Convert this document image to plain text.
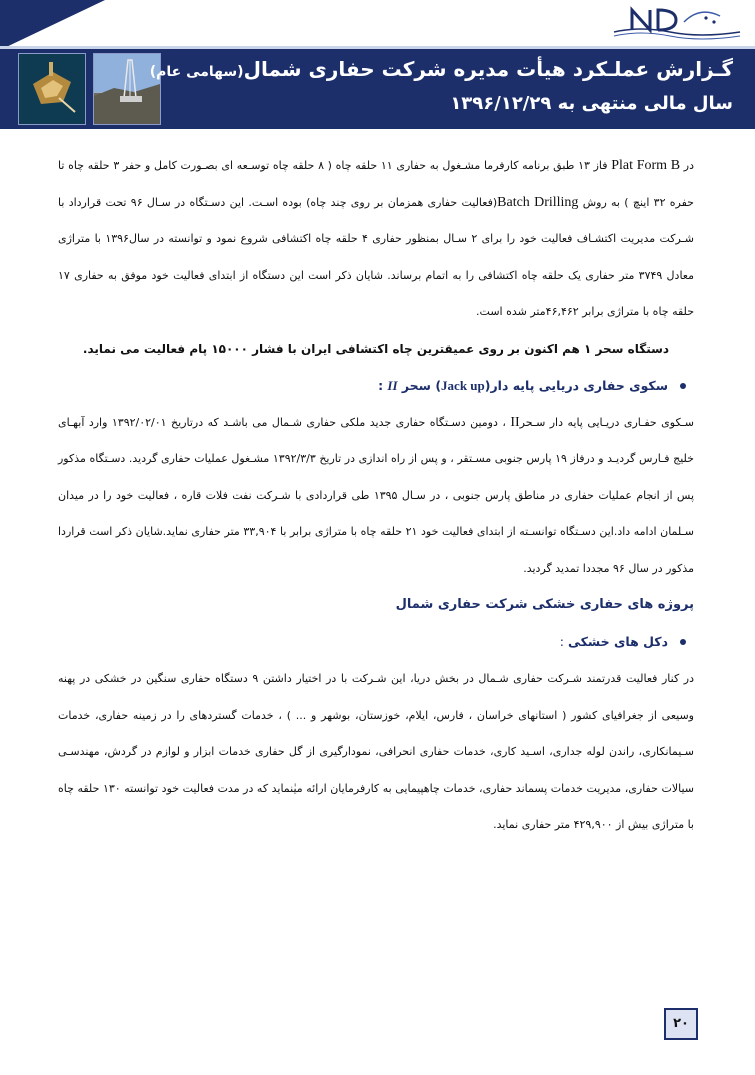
گـزارش عملـکرد هیأت مدیره شرکت حفاری شمال(سهامی عام)
سال مالی منتهی به ۱۳۹۶/۱۲/۲۹

در Plat Form B فاز ۱۳ طبق برنامه کارفرما مشـغول به حفاری ۱۱ حلقه چاه ( ۸ حلقه چاه توسـعه ای بصـورت کامل و حفر ۳ حلقه چاه تا حفره ۳۲ اینچ ) به روش Batch Drilling(فعالیت حفاری همزمان بر روی چند چاه) بوده اسـت. این دسـتگاه در سـال ۹۶ تحت قرارداد با شـرکت مدیریت اکتشـاف فعالیت خود را برای ۲ سـال بمنظور حفاری ۴ حلقه چاه اکتشافی شروع نمود و توانسته در سال۱۳۹۶ با متراژی معادل ۳۷۴۹ متر حفاری یک حلقه چاه اکتشافی را به اتمام برساند. شایان ذکر است این دستگاه از ابتدای فعالیت خود موفق به حفاری ۱۷ حلقه چاه با متراژی برابر ۴۶,۴۶۲متر شده است.

دستگاه سحر ۱ هم اکنون بر روی عمیقترین چاه اکتشافی ایران با فشار ۱۵۰۰۰ پام فعالیت می نماید.

سکوی حفاری دریایی پایه دار(Jack up) سحر II :

سـکوی حفـاری دریـایی پایه دار سـحرII ، دومین دسـتگاه حفاری جدید ملکی حفاری شـمال می باشـد که درتاریخ ۱۳۹۲/۰۲/۰۱ وارد آبهـای خلیج فـارس گردیـد و درفاز ۱۹ پارس جنوبی مسـتقر ، و پس از راه اندازی در تاریخ ۱۳۹۲/۳/۳ مشـغول عملیات حفاری گردید. دسـتگاه مذکور پس از انجام عملیات حفاری در مناطق پارس جنوبی ، در سـال ۱۳۹۵ طی قراردادی با شـرکت نفت فلات قاره ، فعالیت خود را در میدان سـلمان ادامه داد.این دسـتگاه توانسـته از ابتدای فعالیت خود ۲۱ حلقه چاه با متراژی برابر با ۳۳,۹۰۴ متر حفاری نماید.شایان ذکر است قراردا مذکور در سال ۹۶ مجددا تمدید گردید.

پروژه های حفاری خشکی شرکت حفاری شمال

دکل های خشکی :

در کنار فعالیت قدرتمند شـرکت حفاری شـمال در بخش دریا، این شـرکت با در اختیار داشتن ۹ دستگاه حفاری سنگین در خشکی در پهنه وسیعی از جغرافیای کشور ( استانهای خراسان ، فارس، ایلام، خوزستان، بوشهر و ... ) ، خدمات گستردهای را در زمینه حفاری، خدمات سـیمانکاری، راندن لوله جداری، اسـید کاری، خدمات حفاری انحرافی، نمودارگیری از گل حفاری خدمات ابزار و لوازم در گردش، مهندسـی سیالات حفاری، مدیریت خدمات پسماند حفاری، خدمات چاهپیمایی به کارفرمایان ارائه میٰنماید که در مدت فعالیت خود توانسته ۱۳۰ حلقه چاه با متراژی بیش از ۴۲۹,۹۰۰ متر حفاری نماید.

۲۰
